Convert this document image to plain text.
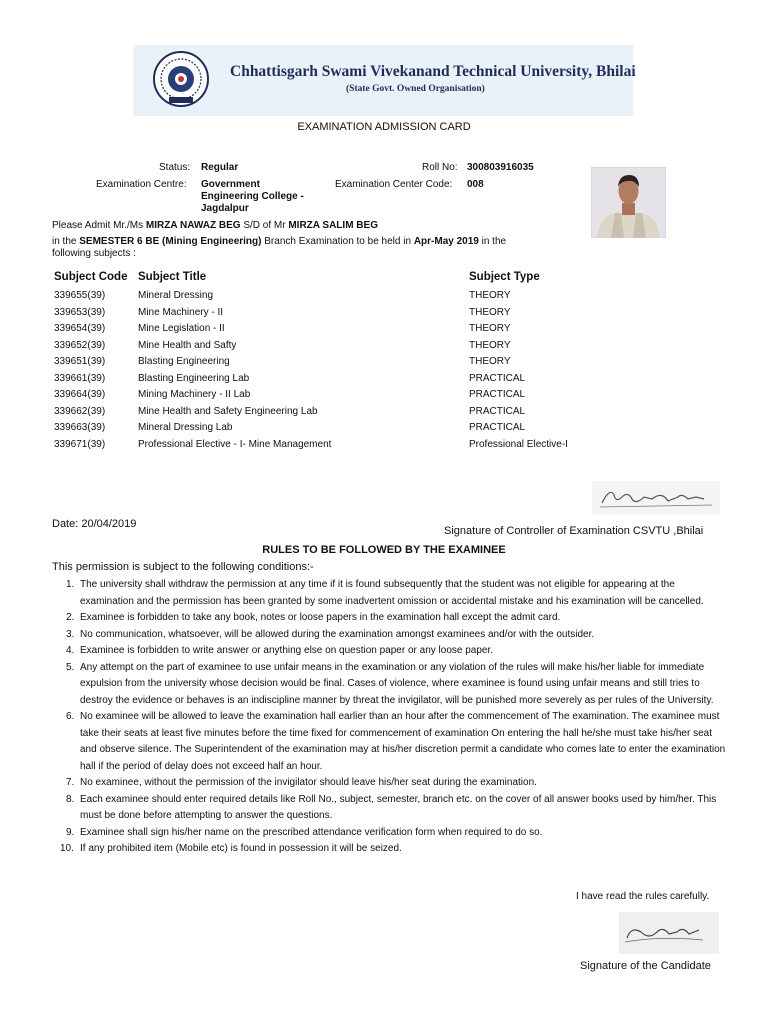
Chhattisgarh Swami Vivekanand Technical University, Bhilai
(State Govt. Owned Organisation)
EXAMINATION ADMISSION CARD
Status: Regular	Roll No: 300803916035
Examination Centre: Government
Engineering College -
Jagdalpur
Examination Center Code: 008
Please Admit Mr./Ms MIRZA NAWAZ BEG S/D of Mr MIRZA SALIM BEG
in the SEMESTER 6 BE (Mining Engineering) Branch Examination to be held in Apr-May 2019 in the
following subjects :
Subject Code Subject Title	Subject Type
339655(39)	Mineral Dressing	THEORY
339653(39)	Mine Machinery - II	THEORY
339654(39)	Mine Legislation - II	THEORY
339652(39)	Mine Health and Safty	THEORY
339651(39)	Blasting Engineering	THEORY
339661(39)	Blasting Engineering Lab	PRACTICAL
339664(39)	Mining Machinery - II Lab	PRACTICAL
339662(39)	Mine Health and Safety Engineering Lab	PRACTICAL
339663(39)	Mineral Dressing Lab	PRACTICAL
339671(39)	Professional Elective - I- Mine Management	Professional Elective-I
Date: 20/04/2019
Signature of Controller of Examination CSVTU ,Bhilai
RULES TO BE FOLLOWED BY THE EXAMINEE
This permission is subject to the following conditions:-
1. The university shall withdraw the permission at any time if it is found subsequently that the student was not eligible for appearing at the examination and the permission has been granted by some inadvertent omission or accidental mistake and his examination will be cancelled.
2. Examinee is forbidden to take any book, notes or loose papers in the examination hall except the admit card.
3. No communication, whatsoever, will be allowed during the examination amongst examinees and/or with the outsider.
4. Examinee is forbidden to write answer or anything else on question paper or any loose paper.
5. Any attempt on the part of examinee to use unfair means in the examination or any violation of the rules will make his/her liable for immediate expulsion from the university whose decision would be final. Cases of violence, where examinee is found using unfair means and still tries to destroy the evidence or behaves is an indiscipline manner by threat the invigilator, will be punished more severely as per rules of the University.
6. No examinee will be allowed to leave the examination hall earlier than an hour after the commencement of The examination. The examinee must take their seats at least five minutes before the time fixed for commencement of examination On entering the hall he/she must take his/her seat and observe silence. The Superintendent of the examination may at his/her discretion permit a candidate who comes late to enter the examination hall if the period of delay does not exceed half an hour.
7. No examinee, without the permission of the invigilator should leave his/her seat during the examination.
8. Each examinee should enter required details like Roll No., subject, semester, branch etc. on the cover of all answer books used by him/her. This must be done before attempting to answer the questions.
9. Examinee shall sign his/her name on the prescribed attendance verification form when required to do so.
10. If any prohibited item (Mobile etc) is found in possession it will be seized.
I have read the rules carefully.
Signature of the Candidate
